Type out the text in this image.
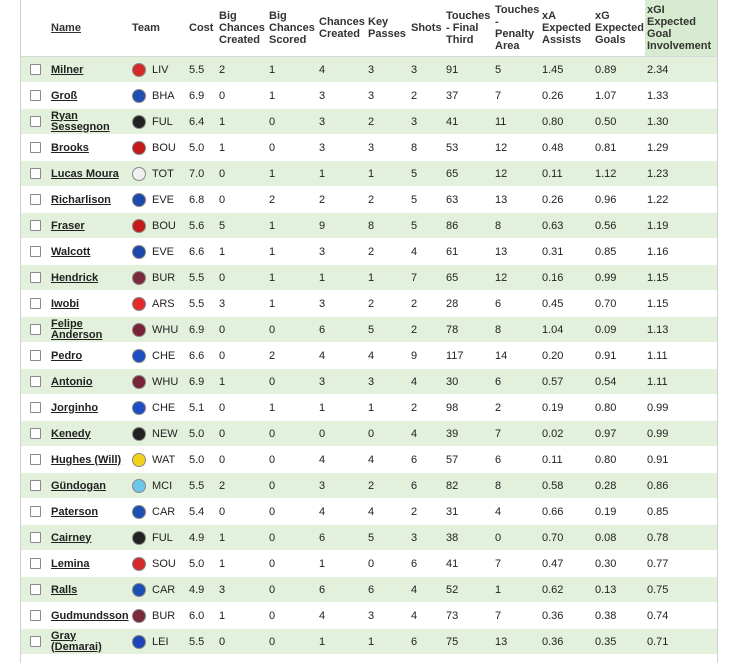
	Name	Team	Cost	Big Chances Created	Big Chances Scored	Chances Created	Key Passes	Shots	Touches - Final Third	Touches - Penalty Area	xA Expected Assists	xG Expected Goals	xGI Expected Goal Involvement
	Milner	LIV	5.5	2	1	4	3	3	91	5	1.45	0.89	2.34
	Groß	BHA	6.9	0	1	3	3	2	37	7	0.26	1.07	1.33
	Ryan Sessegnon	FUL	6.4	1	0	3	2	3	41	11	0.80	0.50	1.30
	Brooks	BOU	5.0	1	0	3	3	8	53	12	0.48	0.81	1.29
	Lucas Moura	TOT	7.0	0	1	1	1	5	65	12	0.11	1.12	1.23
	Richarlison	EVE	6.8	0	2	2	2	5	63	13	0.26	0.96	1.22
	Fraser	BOU	5.6	5	1	9	8	5	86	8	0.63	0.56	1.19
	Walcott	EVE	6.6	1	1	3	2	4	61	13	0.31	0.85	1.16
	Hendrick	BUR	5.5	0	1	1	1	7	65	12	0.16	0.99	1.15
	Iwobi	ARS	5.5	3	1	3	2	2	28	6	0.45	0.70	1.15
	Felipe Anderson	WHU	6.9	0	0	6	5	2	78	8	1.04	0.09	1.13
	Pedro	CHE	6.6	0	2	4	4	9	117	14	0.20	0.91	1.11
	Antonio	WHU	6.9	1	0	3	3	4	30	6	0.57	0.54	1.11
	Jorginho	CHE	5.1	0	1	1	1	2	98	2	0.19	0.80	0.99
	Kenedy	NEW	5.0	0	0	0	0	4	39	7	0.02	0.97	0.99
	Hughes (Will)	WAT	5.0	0	0	4	4	6	57	6	0.11	0.80	0.91
	Gündogan	MCI	5.5	2	0	3	2	6	82	8	0.58	0.28	0.86
	Paterson	CAR	5.4	0	0	4	4	2	31	4	0.66	0.19	0.85
	Cairney	FUL	4.9	1	0	6	5	3	38	0	0.70	0.08	0.78
	Lemina	SOU	5.0	1	0	1	0	6	41	7	0.47	0.30	0.77
	Ralls	CAR	4.9	3	0	6	6	4	52	1	0.62	0.13	0.75
	Gudmundsson	BUR	6.0	1	0	4	3	4	73	7	0.36	0.38	0.74
	Gray (Demarai)	LEI	5.5	0	0	1	1	6	75	13	0.36	0.35	0.71
